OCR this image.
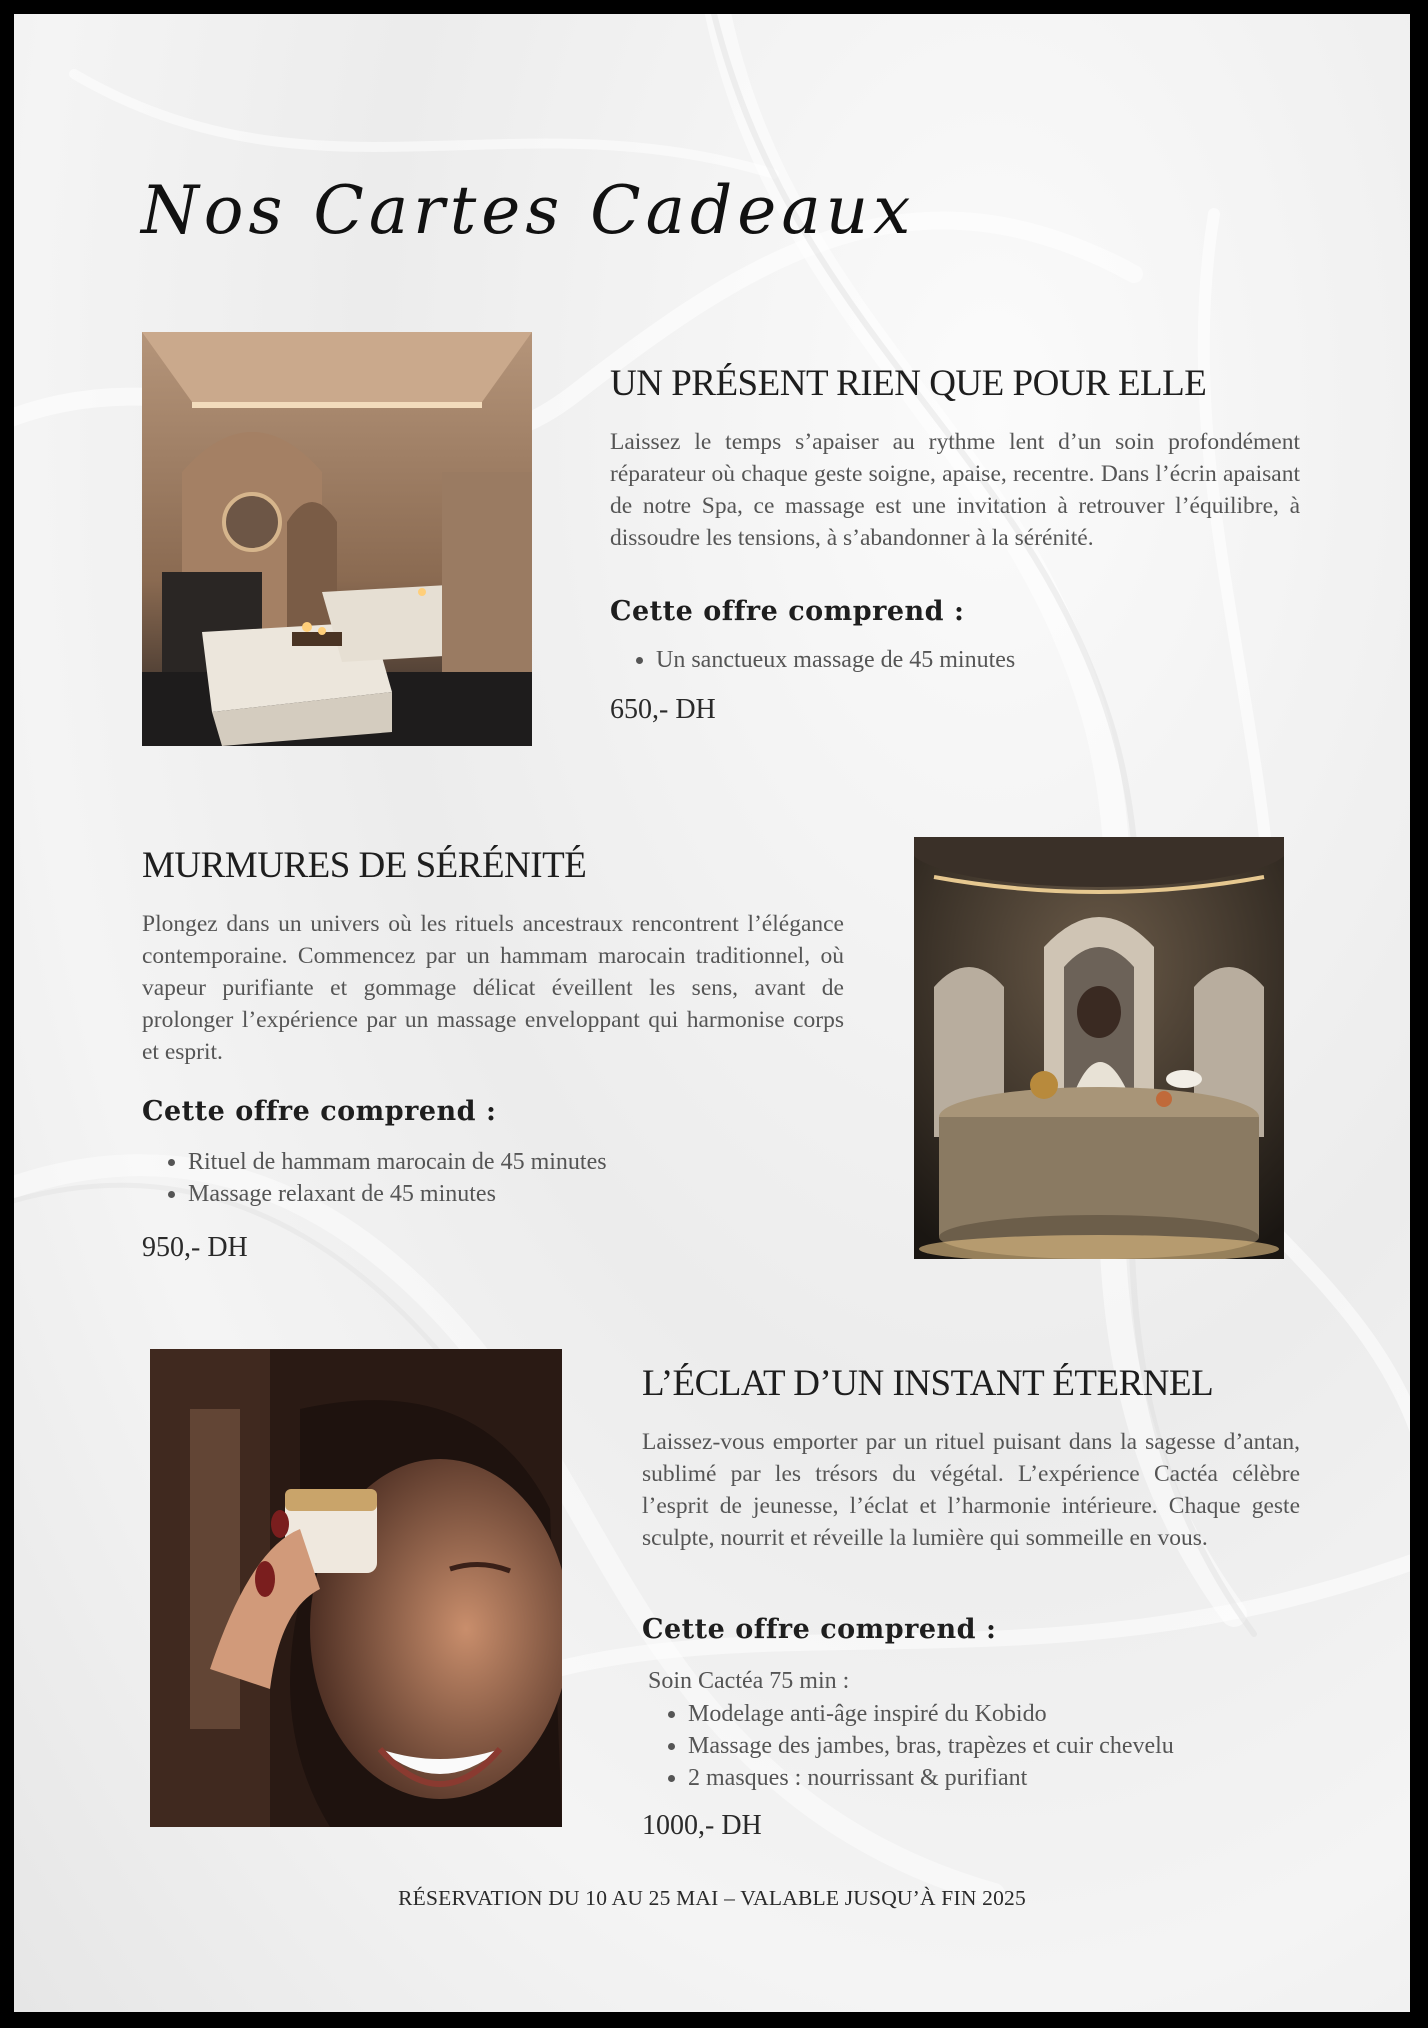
Nos Cartes Cadeaux
UN PRÉSENT RIEN QUE POUR ELLE

Laissez le temps s’apaiser au rythme lent d’un soin profondément réparateur où chaque geste soigne, apaise, recentre. Dans l’écrin apaisant de notre Spa, ce massage est une invitation à retrouver l’équilibre, à dissoudre les tensions, à s’abandonner à la sérénité.

Cette offre comprend :
• Un sanctueux massage de 45 minutes

650,- DH

MURMURES DE SÉRÉNITÉ

Plongez dans un univers où les rituels ancestraux rencontrent l’élégance contemporaine. Commencez par un hammam marocain traditionnel, où vapeur purifiante et gommage délicat éveillent les sens, avant de prolonger l’expérience par un massage enveloppant qui harmonise corps et esprit.

Cette offre comprend :
• Rituel de hammam marocain de 45 minutes
• Massage relaxant de 45 minutes

950,- DH

L’ÉCLAT D’UN INSTANT ÉTERNEL

Laissez-vous emporter par un rituel puisant dans la sagesse d’antan, sublimé par les trésors du végétal. L’expérience Cactéa célèbre l’esprit de jeunesse, l’éclat et l’harmonie intérieure. Chaque geste sculpte, nourrit et réveille la lumière qui sommeille en vous.

Cette offre comprend :

Soin Cactéa 75 min :

• Modelage anti-âge inspiré du Kobido
• Massage des jambes, bras, trapèzes et cuir chevelu
• 2 masques : nourrissant & purifiant

1000,- DH

RÉSERVATION DU 10 AU 25 MAI – VALABLE JUSQU’À FIN 2025
